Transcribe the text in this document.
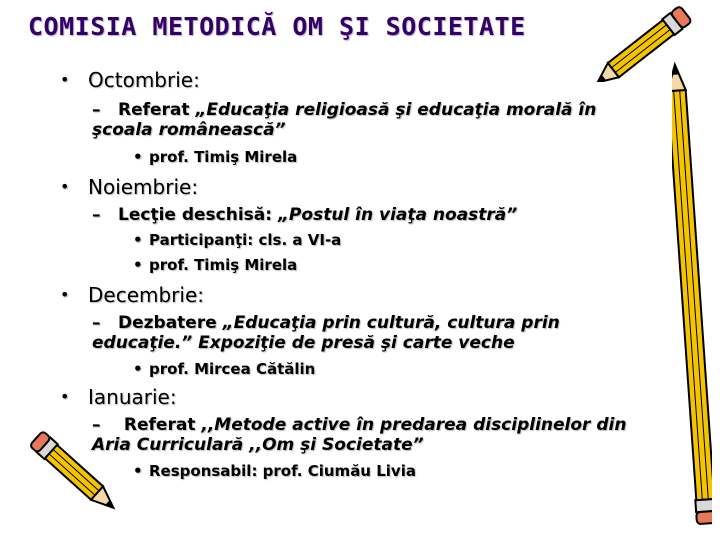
COMISIA METODICĂ OM ŞI SOCIETATE
• Octombrie:
– Referat „Educaţia religioasă şi educaţia morală în şcoala românească”
• prof. Timiş Mirela
• Noiembrie:
– Lecţie deschisă: „Postul în viaţa noastră”
• Participanţi: cls. a VI-a
• prof. Timiş Mirela
• Decembrie:
– Dezbatere „Educaţia prin cultură, cultura prin educaţie.” Expoziţie de presă şi carte veche
• prof. Mircea Cătălin
• Ianuarie:
– Referat ,,Metode active în predarea disciplinelor din Aria Curriculară ,,Om şi Societate”
• Responsabil: prof. Ciumău Livia
